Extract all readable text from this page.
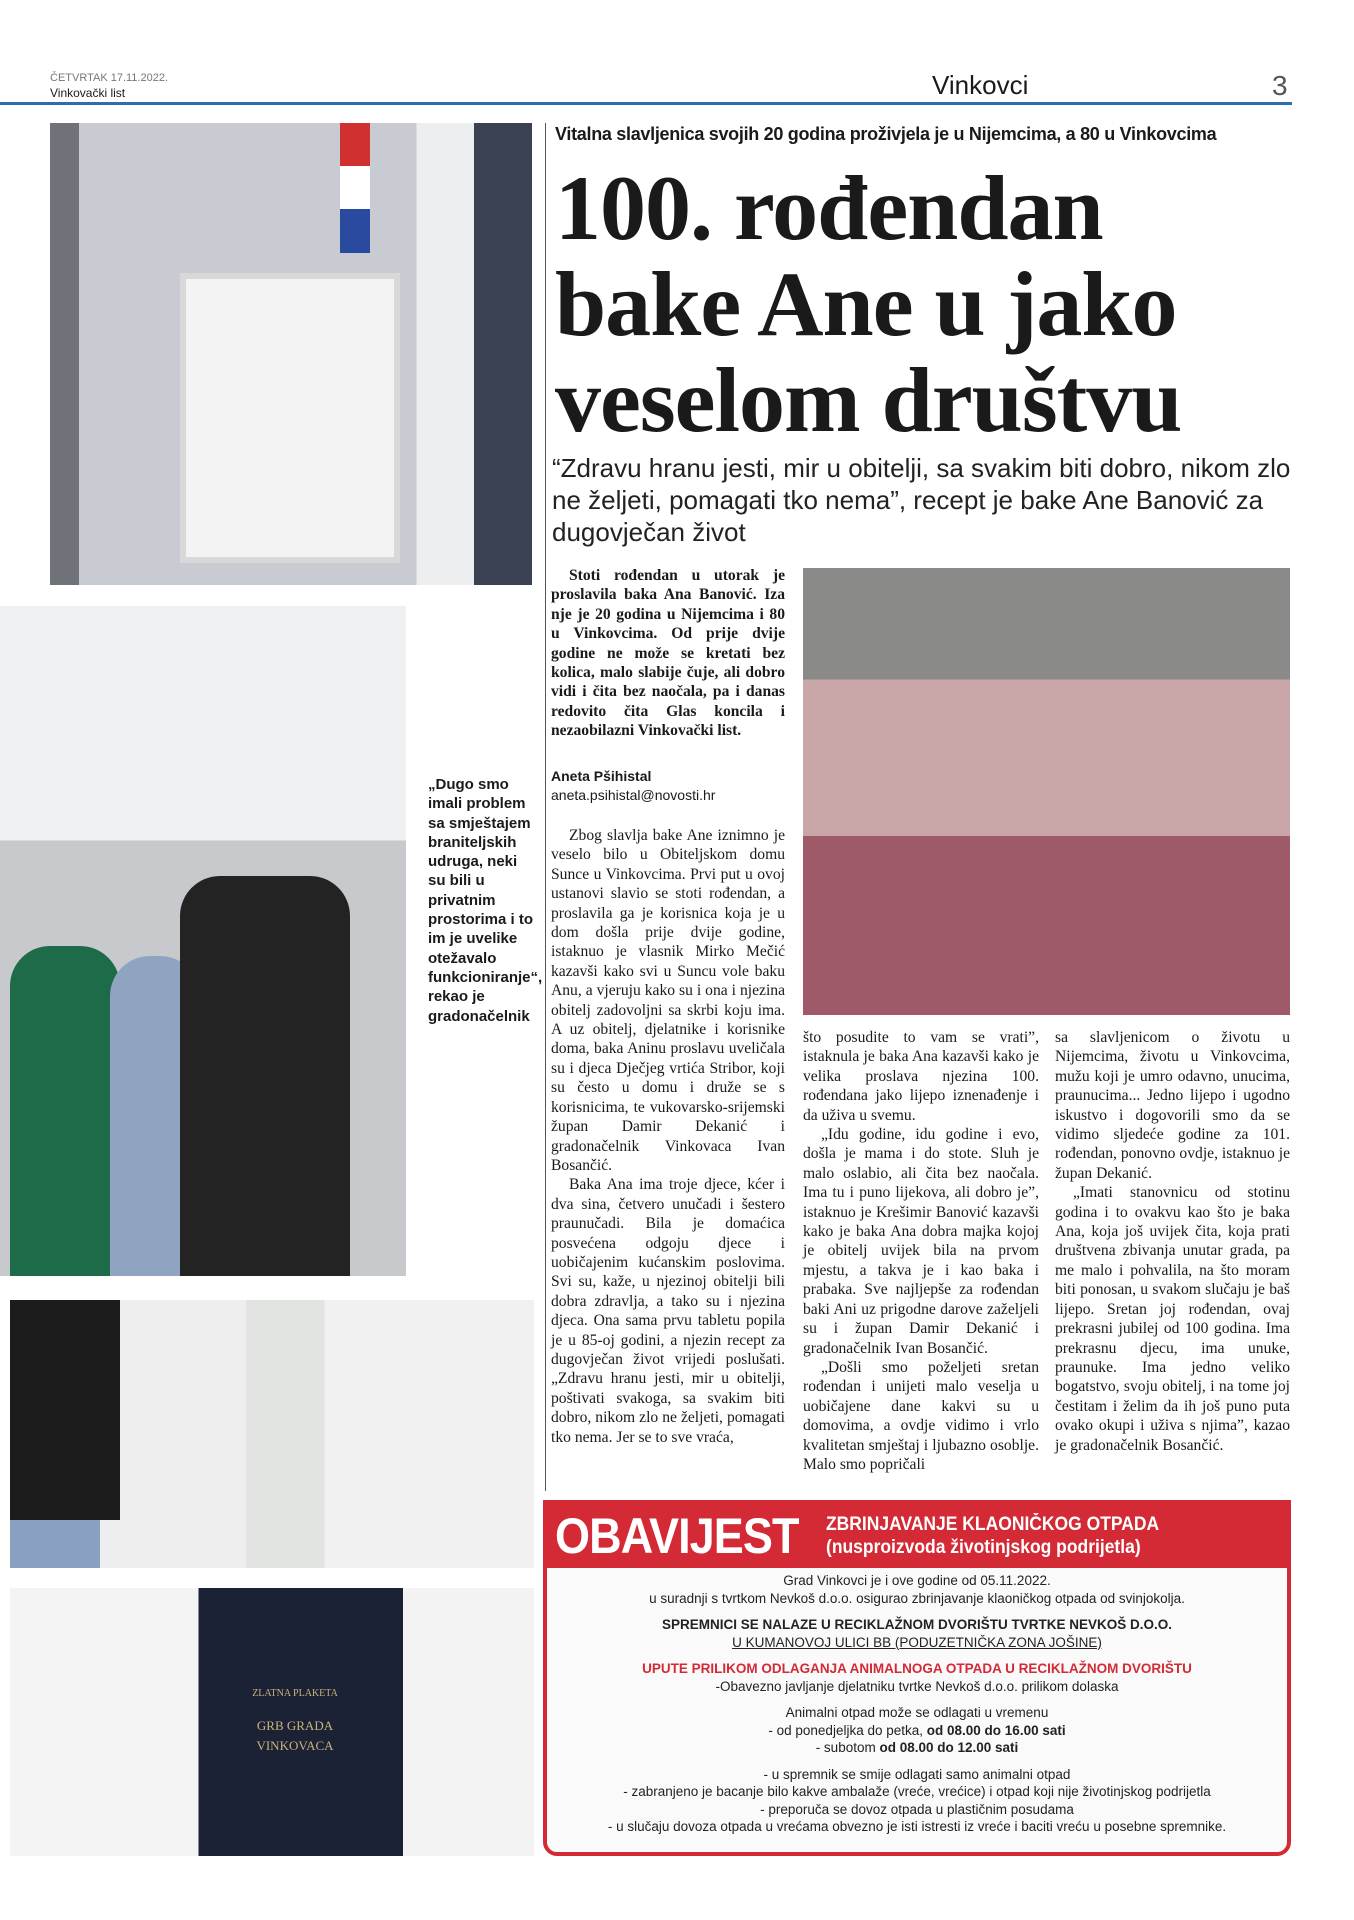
ČETVRTAK 17.11.2022.
Vinkovački list	Vinkovci	3
ZLATNA PLAKETA
GRB GRADA
VINKOVACA
Vitalna slavljenica svojih 20 godina proživjela je u Nijemcima, a 80 u Vinkovcima
100. rođendan
bake Ane u jako
veselom društvu
“Zdravu hranu jesti, mir u obitelji, sa svakim biti dobro, nikom zlo ne željeti, pomagati tko nema”, recept je bake Ane Banović za dugovječan život

Stoti rođendan u utorak je proslavila baka Ana Banović. Iza nje je 20 godina u Nijemcima i 80 u Vinkovcima. Od prije dvije godine ne može se kretati bez kolica, malo slabije čuje, ali dobro vidi i čita bez naočala, pa i danas redovito čita Glas koncila i nezaobilazni Vinkovački list.

Aneta Pšihistal
aneta.psihistal@novosti.hr

Zbog slavlja bake Ane iznimno je veselo bilo u Obiteljskom domu Sunce u Vinkovcima. Prvi put u ovoj ustanovi slavio se stoti rođendan, a proslavila ga je korisnica koja je u dom došla prije dvije godine, istaknuo je vlasnik Mirko Mečić kazavši kako svi u Suncu vole baku Anu, a vjeruju kako su i ona i njezina obitelj zadovoljni sa skrbi koju ima. A uz obitelj, djelatnike i korisnike doma, baka Aninu proslavu uveličala su i djeca Dječjeg vrtića Stribor, koji su često u domu i druže se s korisnicima, te vukovarsko-srijemski župan Damir Dekanić i gradonačelnik Vinkovaca Ivan Bosančić.

Baka Ana ima troje djece, kćer i dva sina, četvero unučadi i šestero praunučadi. Bila je domaćica posvećena odgoju djece i uobičajenim kućanskim poslovima. Svi su, kaže, u njezinoj obitelji bili dobra zdravlja, a tako su i njezina djeca. Ona sama prvu tabletu popila je u 85-oj godini, a njezin recept za dugovječan život vrijedi poslušati. „Zdravu hranu jesti, mir u obitelji, poštivati svakoga, sa svakim biti dobro, nikom zlo ne željeti, pomagati tko nema. Jer se to sve vraća,

što posudite to vam se vrati”, istaknula je baka Ana kazavši kako je velika proslava njezina 100. rođendana jako lijepo iznenađenje i da uživa u svemu.

„Idu godine, idu godine i evo, došla je mama i do stote. Sluh je malo oslabio, ali čita bez naočala. Ima tu i puno lijekova, ali dobro je”, istaknuo je Krešimir Banović kazavši kako je baka Ana dobra majka kojoj je obitelj uvijek bila na prvom mjestu, a takva je i kao baka i prabaka. Sve najljepše za rođendan baki Ani uz prigodne darove zaželjeli su i župan Damir Dekanić i gradonačelnik Ivan Bosančić.

„Došli smo poželjeti sretan rođendan i unijeti malo veselja u uobičajene dane kakvi su u domovima, a ovdje vidimo i vrlo kvalitetan smještaj i ljubazno osoblje. Malo smo popričali

sa slavljenicom o životu u Nijemcima, životu u Vinkovcima, mužu koji je umro odavno, unucima, praunucima... Jedno lijepo i ugodno iskustvo i dogovorili smo da se vidimo sljedeće godine za 101. rođendan, ponovno ovdje, istaknuo je župan Dekanić.

„Imati stanovnicu od stotinu godina i to ovakvu kao što je baka Ana, koja još uvijek čita, koja prati društvena zbivanja unutar grada, pa me malo i pohvalila, na što moram biti ponosan, u svakom slučaju je baš lijepo. Sretan joj rođendan, ovaj prekrasni jubilej od 100 godina. Ima prekrasnu djecu, ima unuke, praunuke. Ima jedno veliko bogatstvo, svoju obitelj, i na tome joj čestitam i želim da ih još puno puta ovako okupi i uživa s njima”, kazao je gradonačelnik Bosančić.

„Dugo smo imali problem sa smještajem braniteljskih udruga, neki su bili u privatnim prostorima i to im je uvelike otežavalo funkcioniranje“, rekao je gradonačelnik
OBAVIJEST ZBRINJAVANJE KLAONIČKOG OTPADA
(nusproizvoda životinjskog podrijetla)
Grad Vinkovci je i ove godine od 05.11.2022.
u suradnji s tvrtkom Nevkoš d.o.o. osigurao zbrinjavanje klaoničkog otpada od svinjokolja.
SPREMNICI SE NALAZE U RECIKLAŽNOM DVORIŠTU TVRTKE NEVKOŠ D.O.O.
U KUMANOVOJ ULICI BB (PODUZETNIČKA ZONA JOŠINE)
UPUTE PRILIKOM ODLAGANJA ANIMALNOGA OTPADA U RECIKLAŽNOM DVORIŠTU
-Obavezno javljanje djelatniku tvrtke Nevkoš d.o.o. prilikom dolaska
Animalni otpad može se odlagati u vremenu
- od ponedjeljka do petka, od 08.00 do 16.00 sati
- subotom od 08.00 do 12.00 sati
- u spremnik se smije odlagati samo animalni otpad
- zabranjeno je bacanje bilo kakve ambalaže (vreće, vrećice) i otpad koji nije životinjskog podrijetla
- preporuča se dovoz otpada u plastičnim posudama
- u slučaju dovoza otpada u vrećama obvezno je isti istresti iz vreće i baciti vreću u posebne spremnike.
